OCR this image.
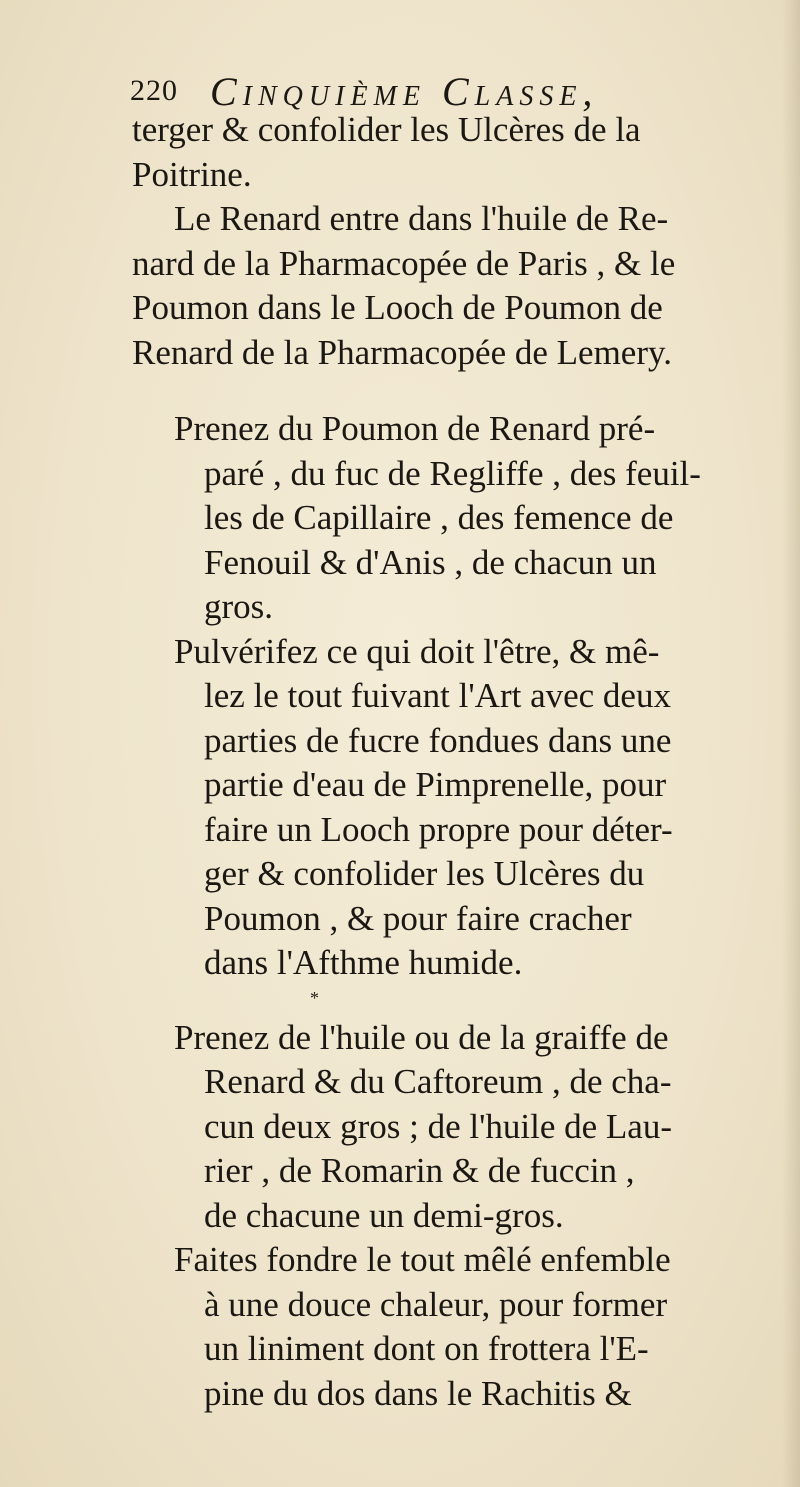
220 Cinquième Classe,
terger & confolider les Ulcères de la
Poitrine.
Le Renard entre dans l'huile de Re-
nard de la Pharmacopée de Paris , & le
Poumon dans le Looch de Poumon de
Renard de la Pharmacopée de Lemery.
Prenez du Poumon de Renard pré-
paré , du fuc de Regliffe , des feuil-
les de Capillaire , des femence de
Fenouil & d'Anis , de chacun un
gros.
Pulvérifez ce qui doit l'être, & mê-
lez le tout fuivant l'Art avec deux
parties de fucre fondues dans une
partie d'eau de Pimprenelle, pour
faire un Looch propre pour déter-
ger & confolider les Ulcères du
Poumon , & pour faire cracher
dans l'Afthme humide.
*
Prenez de l'huile ou de la graiffe de
Renard & du Caftoreum , de cha-
cun deux gros ; de l'huile de Lau-
rier , de Romarin & de fuccin ,
de chacune un demi-gros.
Faites fondre le tout mêlé enfemble
à une douce chaleur, pour former
un liniment dont on frottera l'E-
pine du dos dans le Rachitis &
